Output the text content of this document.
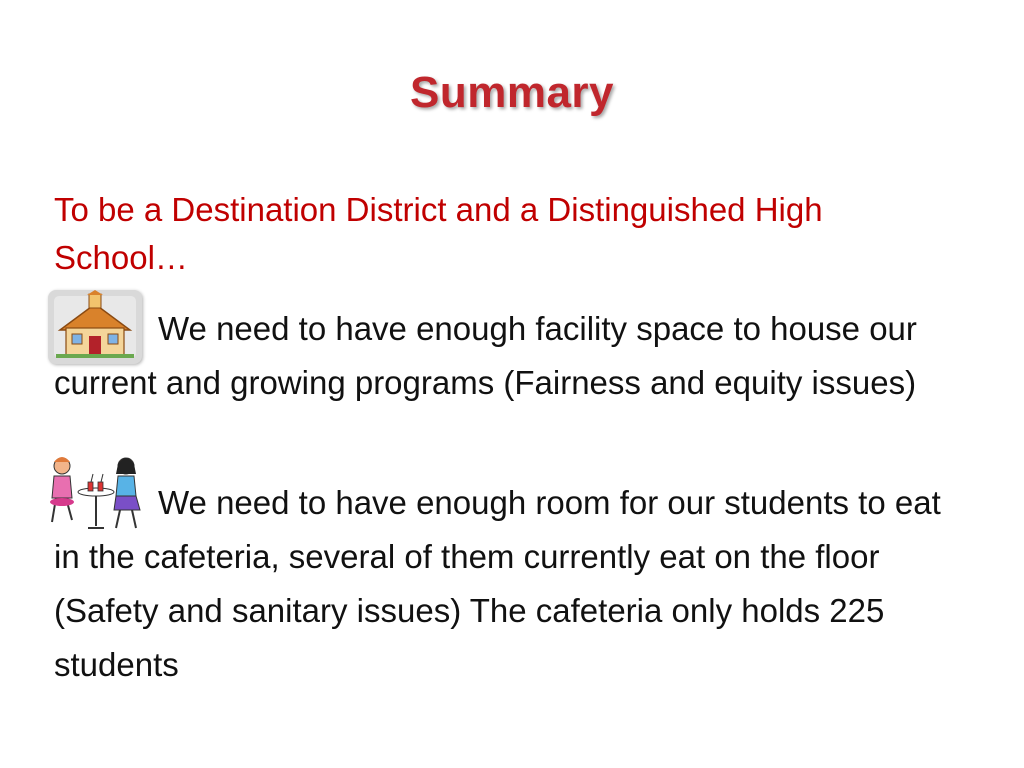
Summary
To be a Destination District and a Distinguished High School…
We need to have enough facility space to house our current and growing programs (Fairness and equity issues)
We need to have enough room for our students to eat in the cafeteria, several of them currently eat on the floor (Safety and sanitary issues) The cafeteria only holds 225 students
